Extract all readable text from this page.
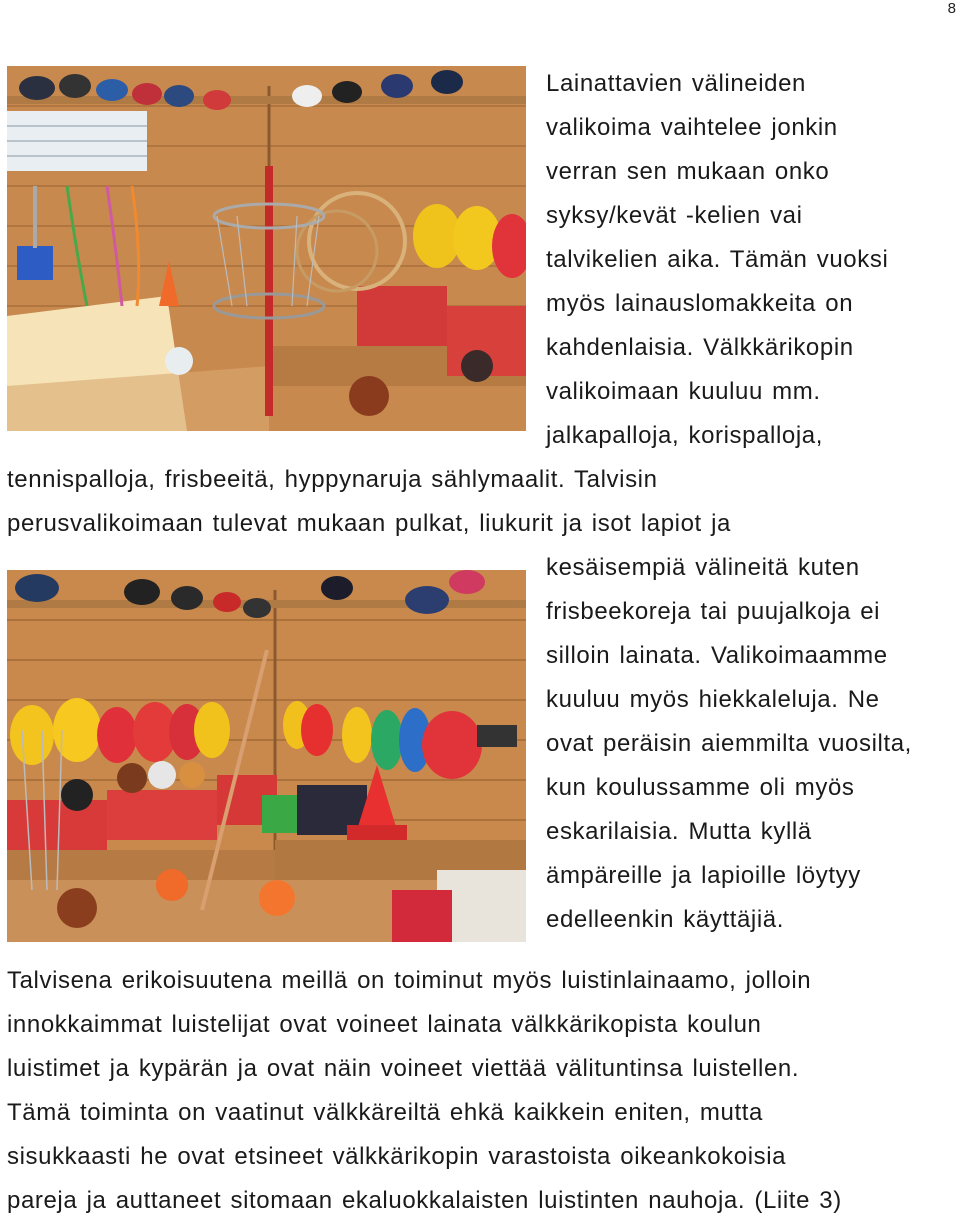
8
Lainattavien välineiden
valikoima vaihtelee jonkin
verran sen mukaan onko
syksy/kevät -kelien vai
talvikelien aika. Tämän vuoksi
myös lainauslomakkeita on
kahdenlaisia. Välkkärikopin
valikoimaan kuuluu mm.
jalkapalloja, korispalloja,
tennispalloja, frisbeeitä, hyppynaruja sählymaalit. Talvisin
perusvalikoimaan tulevat mukaan pulkat, liukurit ja isot lapiot ja
kesäisempiä välineitä kuten
frisbeekoreja tai puujalkoja ei
silloin lainata. Valikoimaamme
kuuluu myös hiekkaleluja. Ne
ovat peräisin aiemmilta vuosilta,
kun koulussamme oli myös
eskarilaisia. Mutta kyllä
ämpäreille ja lapioille löytyy
edelleenkin käyttäjiä.
Talvisena erikoisuutena meillä on toiminut myös luistinlainaamo, jolloin
innokkaimmat luistelijat ovat voineet lainata välkkärikopista koulun
luistimet ja kypärän ja ovat näin voineet viettää välituntinsa luistellen.
Tämä toiminta on vaatinut välkkäreiltä ehkä kaikkein eniten, mutta
sisukkaasti he ovat etsineet välkkärikopin varastoista oikeankokoisia
pareja ja auttaneet sitomaan ekaluokkalaisten luistinten nauhoja. (Liite 3)
